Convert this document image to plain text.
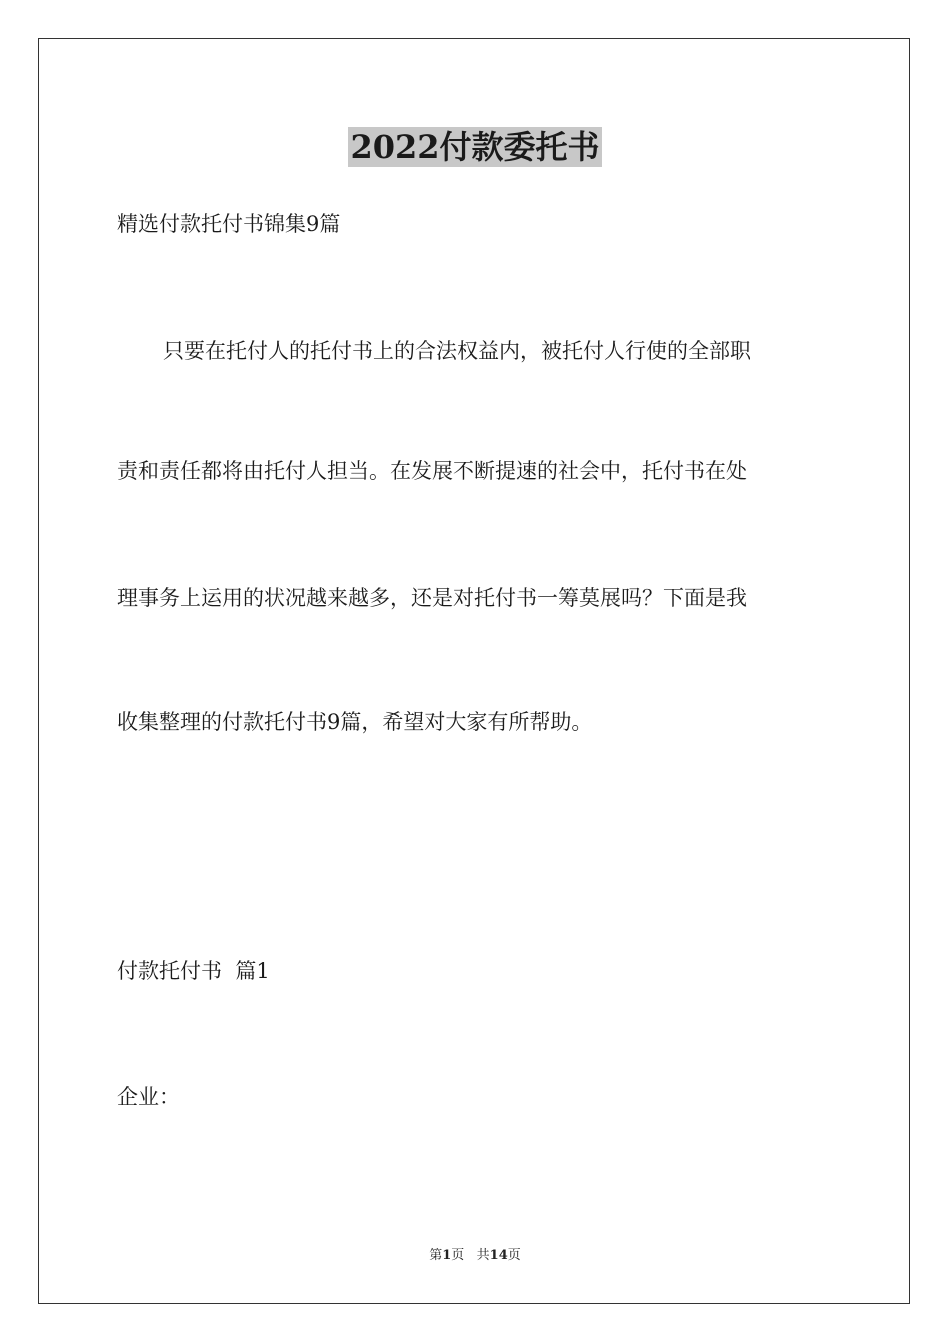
2022付款委托书
精选付款托付书锦集9篇
只要在托付人的托付书上的合法权益内，被托付人行使的全部职
责和责任都将由托付人担当。在发展不断提速的社会中，托付书在处
理事务上运用的状况越来越多，还是对托付书一筹莫展吗？下面是我
收集整理的付款托付书9篇，希望对大家有所帮助。
付款托付书  篇1
企业：
第1页   共14页
